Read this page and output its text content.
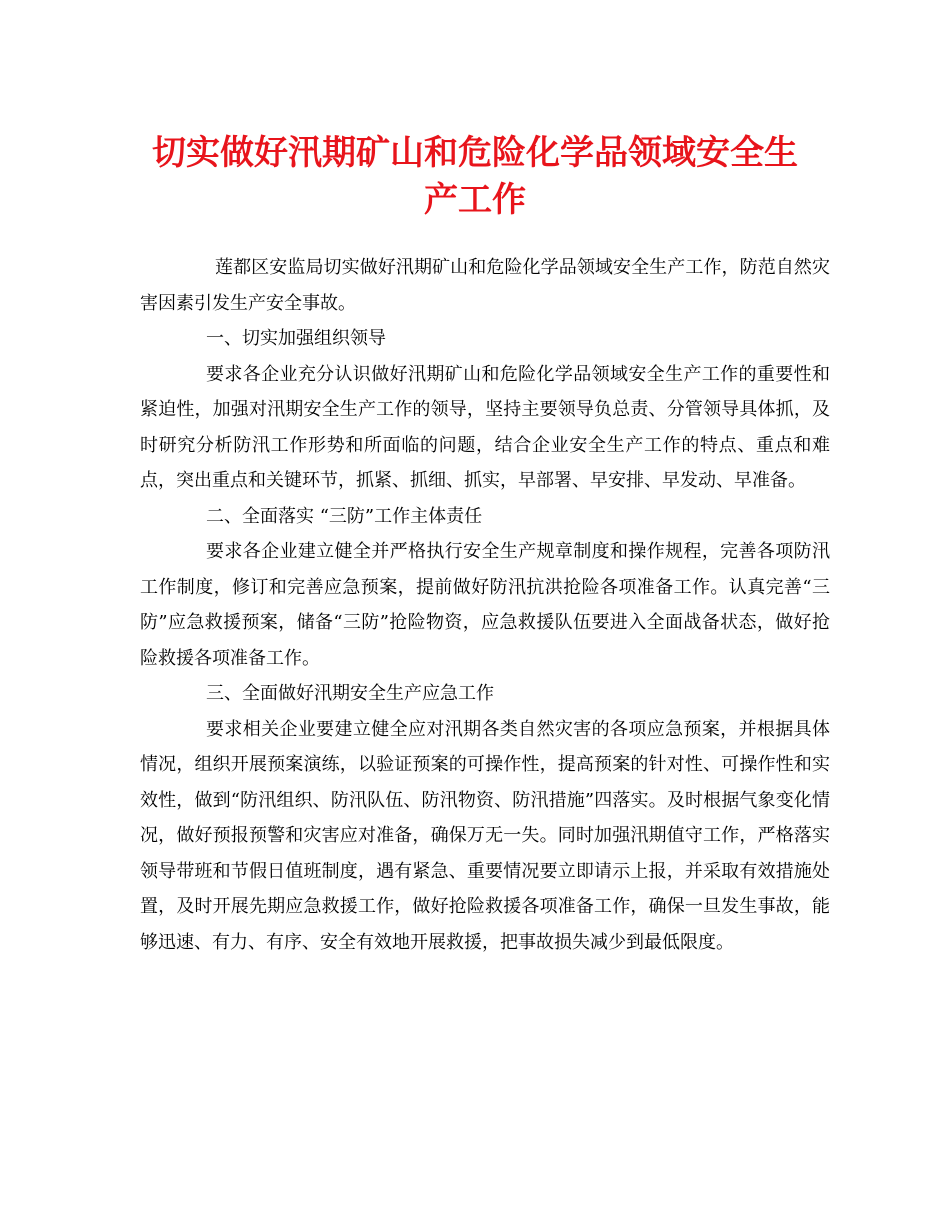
切实做好汛期矿山和危险化学品领域安全生
产工作

莲都区安监局切实做好汛期矿山和危险化学品领域安全生产工作，防范自然灾害因素引发生产安全事故。

一、切实加强组织领导

要求各企业充分认识做好汛期矿山和危险化学品领域安全生产工作的重要性和紧迫性，加强对汛期安全生产工作的领导，坚持主要领导负总责、分管领导具体抓，及时研究分析防汛工作形势和所面临的问题，结合企业安全生产工作的特点、重点和难点，突出重点和关键环节，抓紧、抓细、抓实，早部署、早安排、早发动、早准备。

二、全面落实 “三防”工作主体责任

要求各企业建立健全并严格执行安全生产规章制度和操作规程，完善各项防汛工作制度，修订和完善应急预案，提前做好防汛抗洪抢险各项准备工作。认真完善“三防”应急救援预案，储备“三防”抢险物资，应急救援队伍要进入全面战备状态，做好抢险救援各项准备工作。

三、全面做好汛期安全生产应急工作

要求相关企业要建立健全应对汛期各类自然灾害的各项应急预案，并根据具体情况，组织开展预案演练，以验证预案的可操作性，提高预案的针对性、可操作性和实效性，做到“防汛组织、防汛队伍、防汛物资、防汛措施”四落实。及时根据气象变化情况，做好预报预警和灾害应对准备，确保万无一失。同时加强汛期值守工作，严格落实领导带班和节假日值班制度，遇有紧急、重要情况要立即请示上报，并采取有效措施处置，及时开展先期应急救援工作，做好抢险救援各项准备工作，确保一旦发生事故，能够迅速、有力、有序、安全有效地开展救援，把事故损失减少到最低限度。
